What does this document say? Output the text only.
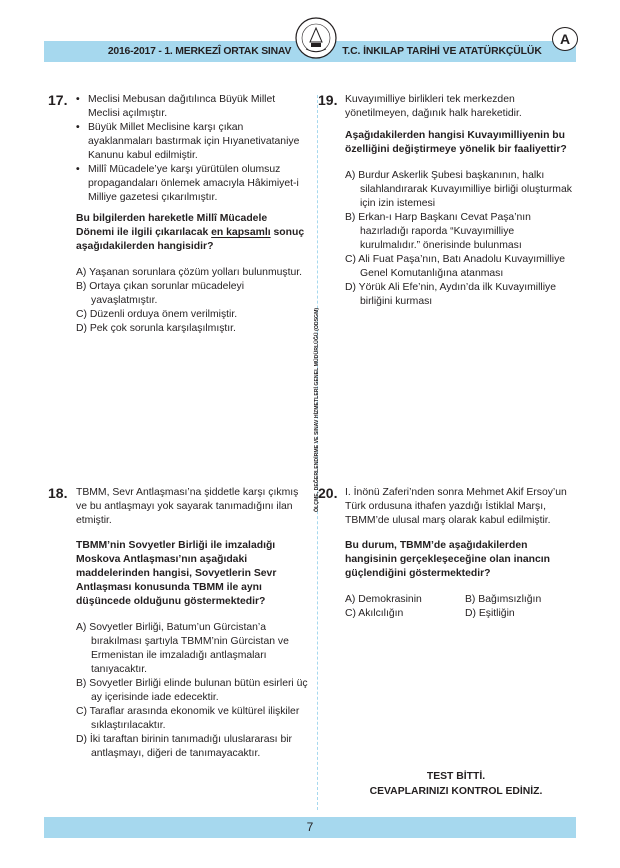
2016-2017 - 1. MERKEZÎ ORTAK SINAV	T.C. İNKILAP TARİHİ VE ATATÜRKÇÜLÜK
A
ÖLÇME, DEĞERLENDİRME VE SINAV HİZMETLERİ GENEL MÜDÜRLÜĞÜ (ODSGM)
17.
•	Meclisi Mebusan dağıtılınca Büyük Millet Meclisi açılmıştır.
• Büyük Millet Meclisine karşı çıkan ayaklanmaları bastırmak için Hıyanetivataniye Kanunu kabul edilmiştir.
• Millî Mücadele’ye karşı yürütülen olumsuz propagandaları önlemek amacıyla Hâkimiyet-i Milliye gazetesi çıkarılmıştır.
Bu bilgilerden hareketle Millî Mücadele Dönemi ile ilgili çıkarılacak en kapsamlı sonuç aşağıdakilerden hangisidir?
A) Yaşanan sorunlara çözüm yolları bulunmuştur.
B) Ortaya çıkan sorunlar mücadeleyi yavaşlatmıştır.
C) Düzenli orduya önem verilmiştir.
D) Pek çok sorunla karşılaşılmıştır.
19. Kuvayımilliye birlikleri tek merkezden yönetilmeyen, dağınık halk hareketidir.
Aşağıdakilerden hangisi Kuvayımilliyenin bu özelliğini değiştirmeye yönelik bir faaliyettir?
A) Burdur Askerlik Şubesi başkanının, halkı silahlandırarak Kuvayımilliye birliği oluşturmak için izin istemesi
B) Erkan-ı Harp Başkanı Cevat Paşa’nın hazırladığı raporda “Kuvayımilliye kurulmalıdır.” önerisinde bulunması
C) Ali Fuat Paşa’nın, Batı Anadolu Kuvayımilliye Genel Komutanlığına atanması
D) Yörük Ali Efe’nin, Aydın’da ilk Kuvayımilliye birliğini kurması
18. TBMM, Sevr Antlaşması’na şiddetle karşı çıkmış ve bu antlaşmayı yok sayarak tanımadığını ilan etmiştir.
TBMM’nin Sovyetler Birliği ile imzaladığı Moskova Antlaşması’nın aşağıdaki maddelerinden hangisi, Sovyetlerin Sevr Antlaşması konusunda TBMM ile aynı düşüncede olduğunu göstermektedir?
A) Sovyetler Birliği, Batum’un Gürcistan’a bırakılması şartıyla TBMM’nin Gürcistan ve Ermenistan ile imzaladığı antlaşmaları tanıyacaktır.
B) Sovyetler Birliği elinde bulunan bütün esirleri üç ay içerisinde iade edecektir.
C) Taraflar arasında ekonomik ve kültürel ilişkiler sıklaştırılacaktır.
D) İki taraftan birinin tanımadığı uluslararası bir antlaşmayı, diğeri de tanımayacaktır.
20. I. İnönü Zaferi’nden sonra Mehmet Akif Ersoy’un Türk ordusuna ithafen yazdığı İstiklal Marşı, TBMM’de ulusal marş olarak kabul edilmiştir.
Bu durum, TBMM’de aşağıdakilerden hangisinin gerçekleşeceğine olan inancın güçlendiğini göstermektedir?
A) Demokrasinin	B) Bağımsızlığın
C) Akılcılığın	D) Eşitliğin
TEST BİTTİ.
CEVAPLARINIZI KONTROL EDİNİZ.
7
